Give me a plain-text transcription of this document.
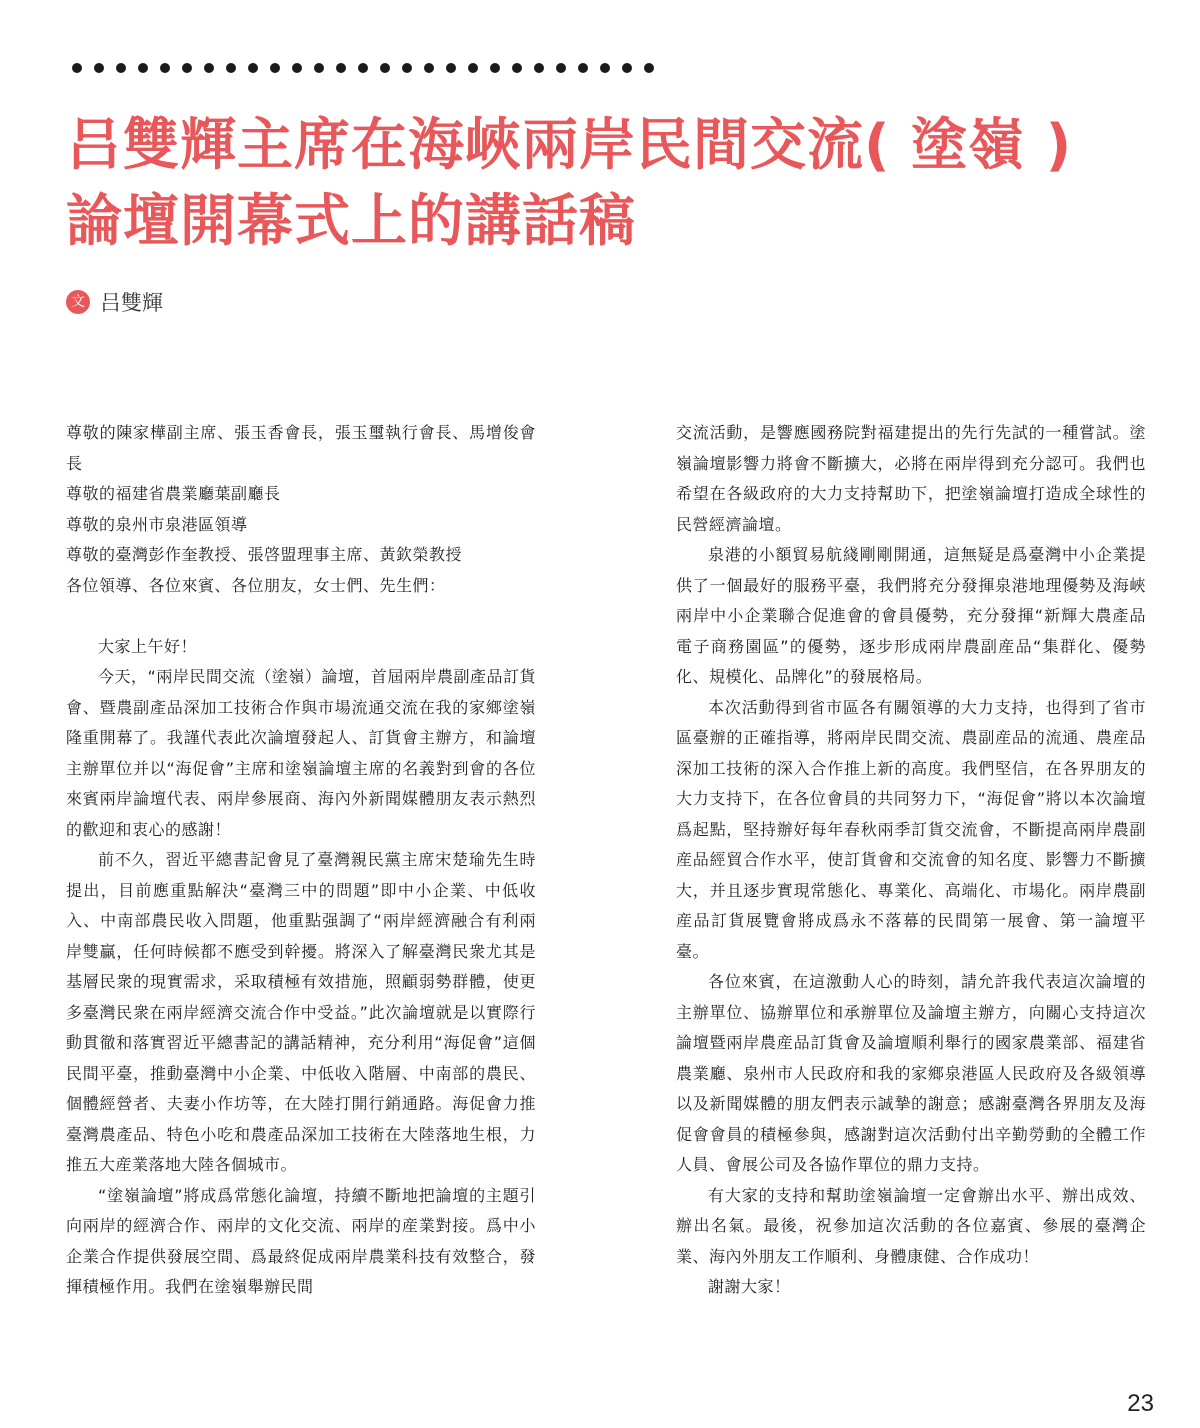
吕雙輝主席在海峽兩岸民間交流( 塗嶺 )
論壇開幕式上的講話稿
文 吕雙輝

尊敬的陳家樺副主席、張玉香會長，張玉璽執行會長、馬增俊會長

尊敬的福建省農業廳葉副廳長

尊敬的泉州市泉港區領導

尊敬的臺灣彭作奎教授、張啓盟理事主席、黃欽榮教授

各位領導、各位來賓、各位朋友，女士們、先生們：

大家上午好！

今天，“兩岸民間交流（塗嶺）論壇，首屆兩岸農副產品訂貨會、暨農副產品深加工技術合作與市場流通交流在我的家鄉塗嶺隆重開幕了。我謹代表此次論壇發起人、訂貨會主辦方，和論壇主辦單位并以“海促會”主席和塗嶺論壇主席的名義對到會的各位來賓兩岸論壇代表、兩岸參展商、海內外新聞媒體朋友表示熱烈的歡迎和衷心的感謝！

前不久，習近平總書記會見了臺灣親民黨主席宋楚瑜先生時提出，目前應重點解決“臺灣三中的問題”即中小企業、中低收入、中南部農民收入問題，他重點强調了“兩岸經濟融合有利兩岸雙贏，任何時候都不應受到幹擾。將深入了解臺灣民衆尤其是基層民衆的現實需求，采取積極有效措施，照顧弱勢群體，使更多臺灣民衆在兩岸經濟交流合作中受益。”此次論壇就是以實際行動貫徹和落實習近平總書記的講話精神，充分利用“海促會”這個民間平臺，推動臺灣中小企業、中低收入階層、中南部的農民、個體經營者、夫妻小作坊等，在大陸打開行銷通路。海促會力推臺灣農產品、特色小吃和農產品深加工技術在大陸落地生根，力推五大産業落地大陸各個城市。

“塗嶺論壇”將成爲常態化論壇，持續不斷地把論壇的主題引向兩岸的經濟合作、兩岸的文化交流、兩岸的産業對接。爲中小企業合作提供發展空間、爲最終促成兩岸農業科技有效整合，發揮積極作用。我們在塗嶺舉辦民間

交流活動，是響應國務院對福建提出的先行先試的一種嘗試。塗嶺論壇影響力將會不斷擴大，必將在兩岸得到充分認可。我們也希望在各級政府的大力支持幫助下，把塗嶺論壇打造成全球性的民營經濟論壇。

泉港的小額貿易航綫剛剛開通，這無疑是爲臺灣中小企業提供了一個最好的服務平臺，我們將充分發揮泉港地理優勢及海峽兩岸中小企業聯合促進會的會員優勢，充分發揮“新輝大農產品電子商務園區”的優勢，逐步形成兩岸農副産品“集群化、優勢化、規模化、品牌化”的發展格局。

本次活動得到省市區各有關領導的大力支持，也得到了省市區臺辦的正確指導，將兩岸民間交流、農副産品的流通、農産品深加工技術的深入合作推上新的高度。我們堅信，在各界朋友的大力支持下，在各位會員的共同努力下，“海促會”將以本次論壇爲起點，堅持辦好每年春秋兩季訂貨交流會，不斷提高兩岸農副産品經貿合作水平，使訂貨會和交流會的知名度、影響力不斷擴大，并且逐步實現常態化、專業化、高端化、市場化。兩岸農副産品訂貨展覽會將成爲永不落幕的民間第一展會、第一論壇平臺。

各位來賓，在這激動人心的時刻，請允許我代表這次論壇的主辦單位、協辦單位和承辦單位及論壇主辦方，向關心支持這次論壇暨兩岸農産品訂貨會及論壇順利舉行的國家農業部、福建省農業廳、泉州市人民政府和我的家鄉泉港區人民政府及各級領導以及新聞媒體的朋友們表示誠摯的謝意；感謝臺灣各界朋友及海促會會員的積極參與，感謝對這次活動付出辛勤勞動的全體工作人員、會展公司及各協作單位的鼎力支持。

有大家的支持和幫助塗嶺論壇一定會辦出水平、辦出成效、辦出名氣。最後，祝參加這次活動的各位嘉賓、參展的臺灣企業、海內外朋友工作順利、身體康健、合作成功！

謝謝大家！

23
